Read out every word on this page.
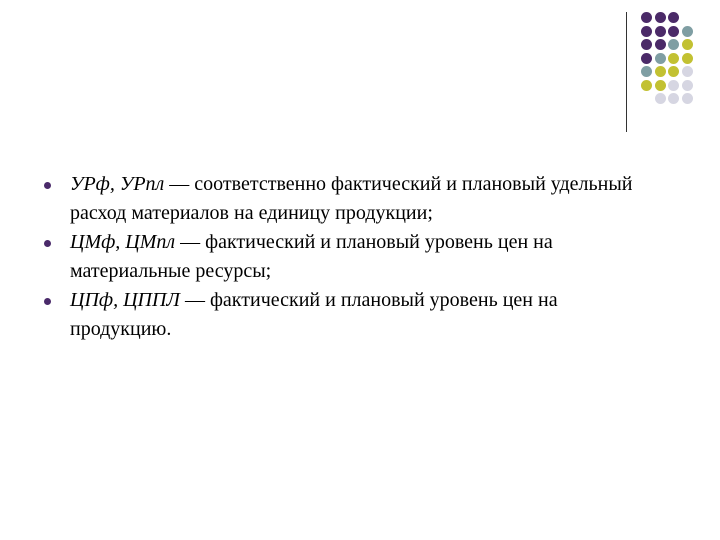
УРф, УРпл — соответственно фактический и плановый удельный расход материалов на единицу продукции;
ЦМф, ЦМпл — фактический и плановый уровень цен на материальные ресурсы;
ЦПф, ЦППЛ — фактический и плановый уровень цен на продукцию.
